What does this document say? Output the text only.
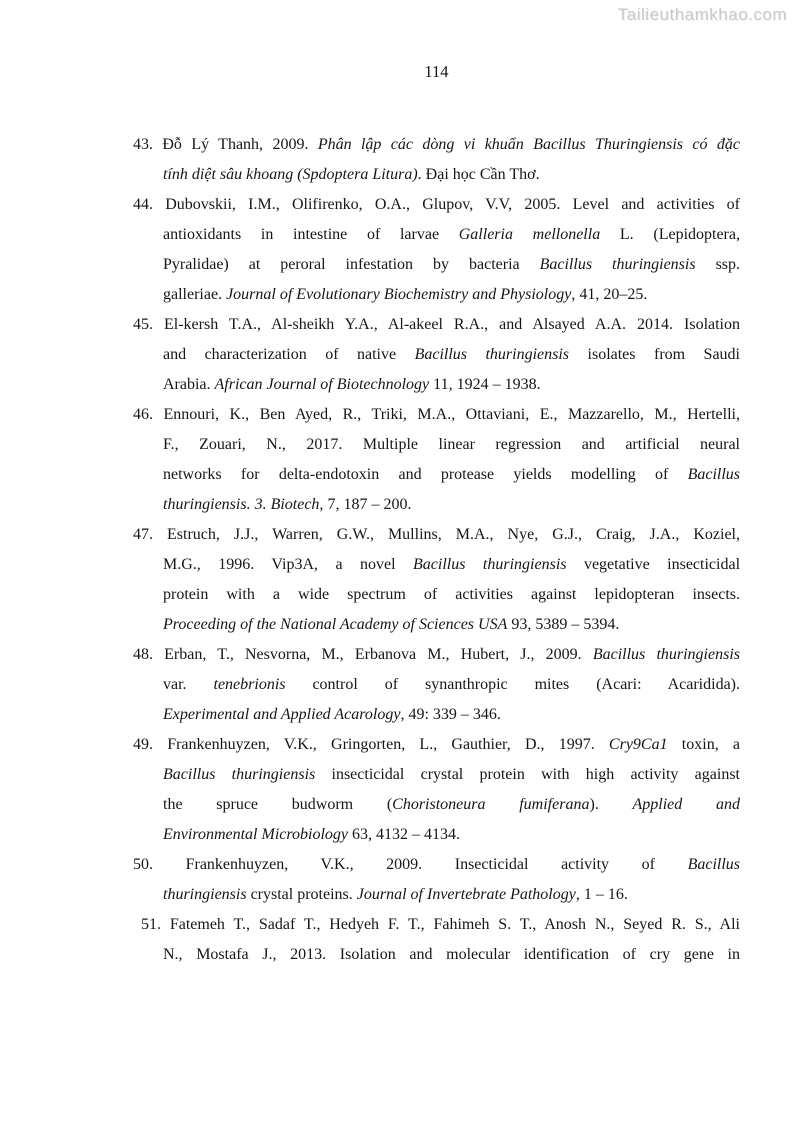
Tailieuthamkhao.com
114
43. Đỗ Lý Thanh, 2009. Phân lập các dòng vi khuẩn Bacillus Thuringiensis có đặc
tính diệt sâu khoang (Spdoptera Litura). Đại học Cần Thơ.
44. Dubovskii, I.M., Olifirenko, O.A., Glupov, V.V, 2005. Level and activities of
antioxidants in intestine of larvae Galleria mellonella L. (Lepidoptera,
Pyralidae) at peroral infestation by bacteria Bacillus thuringiensis ssp.
galleriae. Journal of Evolutionary Biochemistry and Physiology, 41, 20–25.
45. El-kersh T.A., Al-sheikh Y.A., Al-akeel R.A., and Alsayed A.A. 2014. Isolation
and characterization of native Bacillus thuringiensis isolates from Saudi
Arabia. African Journal of Biotechnology 11, 1924 – 1938.
46. Ennouri, K., Ben Ayed, R., Triki, M.A., Ottaviani, E., Mazzarello, M., Hertelli,
F., Zouari, N., 2017. Multiple linear regression and artificial neural
networks for delta-endotoxin and protease yields modelling of Bacillus
thuringiensis. 3. Biotech, 7, 187 – 200.
47. Estruch, J.J., Warren, G.W., Mullins, M.A., Nye, G.J., Craig, J.A., Koziel,
M.G., 1996. Vip3A, a novel Bacillus thuringiensis vegetative insecticidal
protein with a wide spectrum of activities against lepidopteran insects.
Proceeding of the National Academy of Sciences USA 93, 5389 – 5394.
48. Erban, T., Nesvorna, M., Erbanova M., Hubert, J., 2009. Bacillus thuringiensis
var. tenebrionis control of synanthropic mites (Acari: Acaridida).
Experimental and Applied Acarology, 49: 339 – 346.
49. Frankenhuyzen, V.K., Gringorten, L., Gauthier, D., 1997. Cry9Ca1 toxin, a
Bacillus thuringiensis insecticidal crystal protein with high activity against
the spruce budworm (Choristoneura fumiferana). Applied and
Environmental Microbiology 63, 4132 – 4134.
50. Frankenhuyzen, V.K., 2009. Insecticidal activity of Bacillus
thuringiensis crystal proteins. Journal of Invertebrate Pathology, 1 – 16.
51. Fatemeh T., Sadaf T., Hedyeh F. T., Fahimeh S. T., Anosh N., Seyed R. S., Ali
N., Mostafa J., 2013. Isolation and molecular identification of cry gene in
